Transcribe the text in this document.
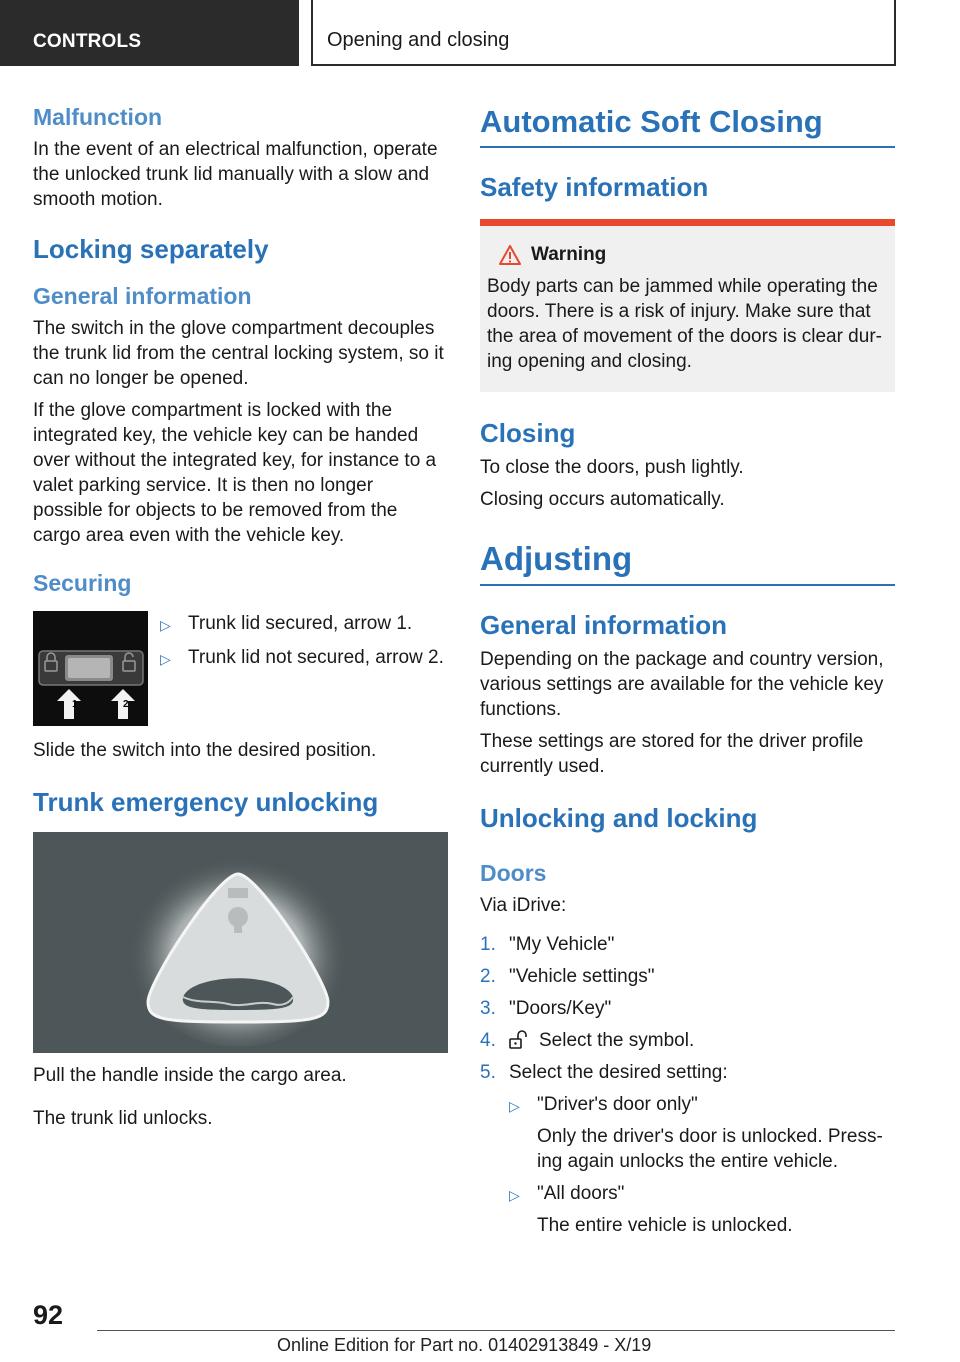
CONTROLS	Opening and closing
Malfunction

In the event of an electrical malfunction, operate the unlocked trunk lid manually with a slow and smooth motion.

Locking separately
General information

The switch in the glove compartment decouples the trunk lid from the central locking system, so it can no longer be opened.

If the glove compartment is locked with the integrated key, the vehicle key can be handed over without the integrated key, for instance to a valet parking service. It is then no longer possible for objects to be removed from the cargo area even with the vehicle key.

Securing
1	2
▷ Trunk lid secured, arrow 1.
▷ Trunk lid not secured, arrow 2.

Slide the switch into the desired position.

Trunk emergency unlocking

Pull the handle inside the cargo area.

The trunk lid unlocks.

Automatic Soft Closing
Safety information
Warning

Body parts can be jammed while operating the doors. There is a risk of injury. Make sure that the area of movement of the doors is clear dur‐ing opening and closing.

Closing

To close the doors, push lightly.

Closing occurs automatically.

Adjusting
General information

Depending on the package and country version, various settings are available for the vehicle key functions.

These settings are stored for the driver profile currently used.

Unlocking and locking
Doors

Via iDrive:

1. "My Vehicle"
2. "Vehicle settings"
3. "Doors/Key"
4.	Select the symbol.
5. Select the desired setting:
▷ "Driver's door only"
Only the driver's door is unlocked. Press‐ing again unlocks the entire vehicle.
▷ "All doors"
The entire vehicle is unlocked.
92
Online Edition for Part no. 01402913849 - X/19
